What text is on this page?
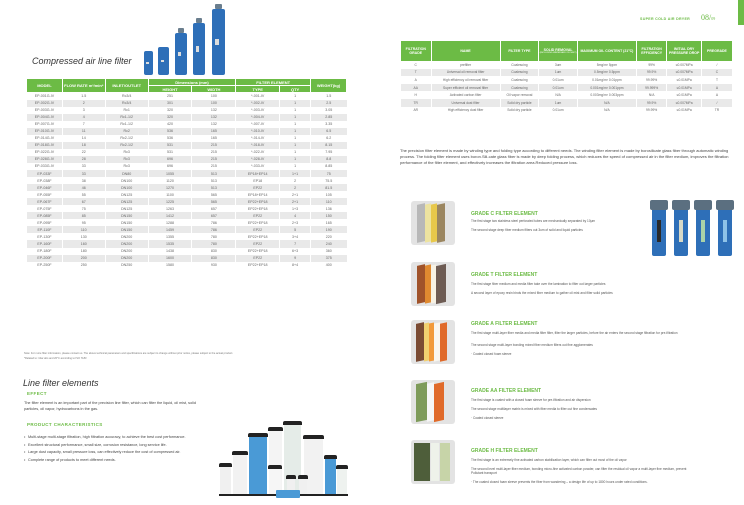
Compressed air line filter
MODEL	FLOW RATE m³/min*	INLET/OUTLET	Dimensions (mm)		FILTER ELEMENT		WEIGHT(kg)
			HEIGHT	WIDTH	TYPE	QTY	
EP-001G-IV	1.5	Rc3/4	251	100	*-001-IV	1	1.5
EP-002G-IV	2	Rc3/4	301	100	*-002-IV	1	2.5
EP-003G-IV	3	Rc1	320	132	*-003-IV	1	3.05
EP-004G-IV	4	Rc1-1/2	320	132	*-004-IV	1	2.85
EP-007G-IV	7	Rc1-1/2	420	132	*-007-IV	1	3.35
EP-010G-IV	11	Rc2	536	165	*-010-IV	1	6.5
EP-014G-IV	14	Rc2-1/2	536	165	*-014-IV	1	6.2
EP-018G-IV	18	Rc2-1/2	531	215	*-018-IV	1	8.15
EP-022G-IV	22	Rc3	531	215	*-022-IV	1	7.95
EP-028G-IV	28	Rc3	696	215	*-028-IV	1	8.8
EP-033G-IV	33	Rc3	696	215	*-033-IV	1	8.85
EP-033F	33	DN80	1055	513	EP18+EP14	1+1	75
EP-038F	38	DN100	1120	513	EP18	2	75.5
EP-046F	46	DN100	1270	513	EP22	2	81.5
EP-055F	55	DN125	1100	565	EP18+EP14	2+1	105
EP-067F	67	DN125	1225	565	EP22+EP18	2+1	110
EP-075F	75	DN125	1263	657	EP22+EP18	1+3	136
EP-085F	85	DN150	1412	657	EP22	4	150
EP-095F	95	DN150	1288	786	EP22+EP18	2+3	165
EP-110F	110	DN150	1459	786	EP22	5	190
EP-130F	130	DN200	1355	780	EP22+EP18	3+4	220
EP-160F	160	DN200	1535	780	EP22	7	240
EP-180F	180	DN200	1438	830	EP22+EP18	6+3	360
EP-200F	200	DN200	1600	830	EP22	9	375
EP-250F	250	DN250	1580	930	EP22+EP18	8+4	400
Note: For more filter information, please contact us. The above technical parameters and specifications are subject to change without prior notice, please subject to the actual product.
*Related to: 1bar abs and 20°C according to ISO 7183
Line filter elements
EFFECT
The filter element is an important part of the precision line filter, which can filter the liquid, oil mist, solid particles, oil vapor, hydrocarbons in the gas.
PRODUCT CHARACTERISTICS
• Multi-stage multi-stage filtration, high filtration accuracy, to achieve the best cost performance.
• Excellent structural performance, small size, corrosion resistance, long service life.
• Large dust capacity, small pressure loss, can effectively reduce the cost of compressed air.
• Complete range of products to meet different needs.
SUPER COLD AIR DRYER 08/09
FILTRATION GRADE	NAME	FILTER TYPE	SOLID REMOVAL
(INCLUDING WATER AND OIL MIST)	MAXIMUM OIL CONTENT (21°C)	FILTRATION EFFICIENCY	INITIAL DRY PRESSURE DROP	PREGRADE
C	prefilter	Coalescing	3um	5mg/m³ 5ppm	99%	≤0.007MPa	/
T	Universal oil removal filter	Coalescing	1um	0.5mg/m³ 0.5ppm	99.9%	≤0.007MPa	C
A	High efficiency oil removal filter	Coalescing	0.01um	0.01mg/m³ 0.01ppm	99.99%	≤0.01MPa	T
AA	Super efficient oil removal filter	Coalescing	0.01um	0.001mg/m³ 0.001ppm	99.999%	≤0.01MPa	A
H	Activated carbon filter	Oil vapor removal	N/A	0.003mg/m³ 0.003ppm	N/A	≤0.01MPa	A
TR	Universal dust filter	Solid dry particle	1um	N/A	99.9%	≤0.007MPa	/
AR	High efficiency dust filter	Solid dry particle	0.01um	N/A	99.99%	≤0.01MPa	TR
The precision filter element is made by winding type and folding type according to different needs. The winding filter element is made by borosilicate glass fiber through automatic winding process. The folding filter element uses boron.Sili-cate glass fiber is made by deep folding process, which reduces the speed of compressed air in the filter medium, improves the filtration performance of the filter element, and effectively increases the filtration area.Reduced pressure loss.
GRADE C FILTER ELEMENT
The first stage two stainless steel perforated tubes are mechanically separated by 10μm
The second stage deep fiber medium filters out 3um of solid and liquid particles
GRADE T FILTER ELEMENT
The first stage fiber medium and media filter take over the lamination to filter out larger particles
A second layer of epoxy resin binds the mixed fiber medium to gather oil mist and filter solid particles
GRADE A FILTER ELEMENT
The first stage multi-layer fiber media and media filter filter, filter the larger particles, before the air enters the second stage filtration for pre-filtration
The second stage multi-layer bonding mixed fiber medium filters out fine agglomerates
· Coated closed foam sleeve
GRADE AA FILTER ELEMENT
The first stage is coated with a closed foam sleeve for pre-filtration and air dispersion
The second stage multilayer matrix is mixed with fiber media to filter out fine condensates
· Coated closed sleeve
GRADE H FILTER ELEMENT
The first stage is an extremely fine activated carbon stabilization layer, which can filter out most of the oil vapor
The second level multi-layer fiber medium, bonding micro-fine activated carbon powder, can filter the residual oil vapor a multi-layer fine medium, prevent Pollutant transport
· The coated closed foam sleeve prevents the fiber from wandering – a design life of up to 1800 hours under rated conditions.
